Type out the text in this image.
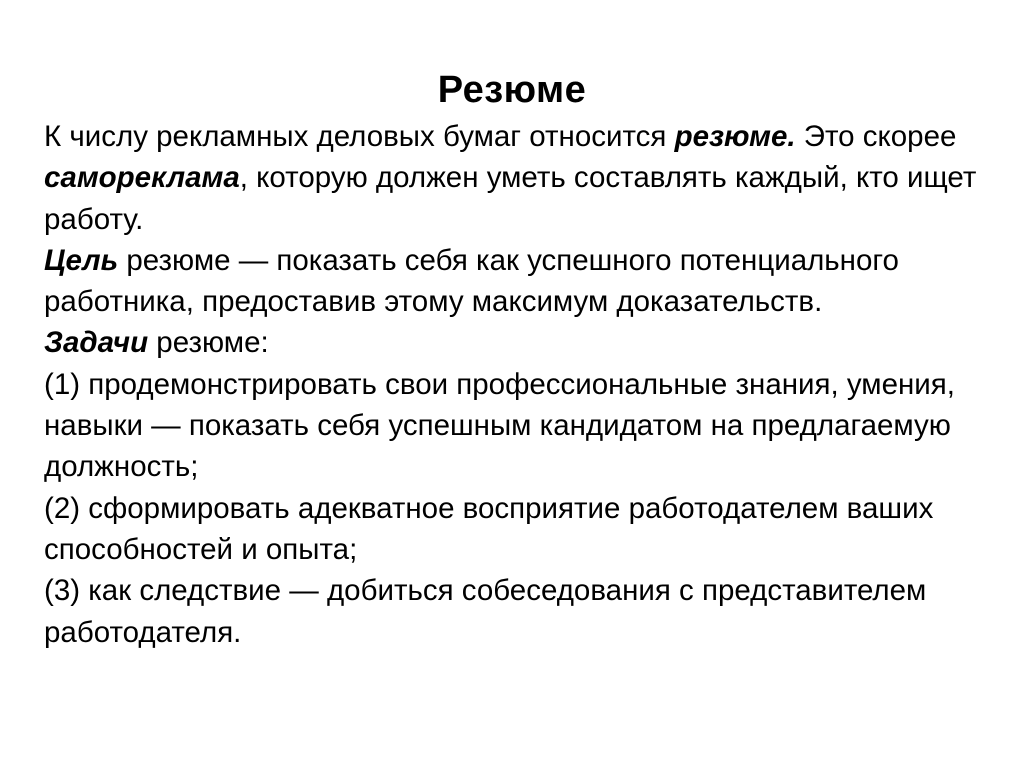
Резюме

К числу рекламных деловых бумаг относится резюме. Это скорее самореклама, которую должен уметь составлять каждый, кто ищет работу.

Цель резюме — показать себя как успешного потенциального работника, предоставив этому максимум доказательств.

Задачи резюме:

(1) продемонстрировать свои профессиональные знания, умения, навыки — показать себя успешным кандидатом на предлагаемую должность;

(2) сформировать адекватное восприятие работодателем ваших способностей и опыта;

(3) как следствие — добиться собеседования с представителем работодателя.
